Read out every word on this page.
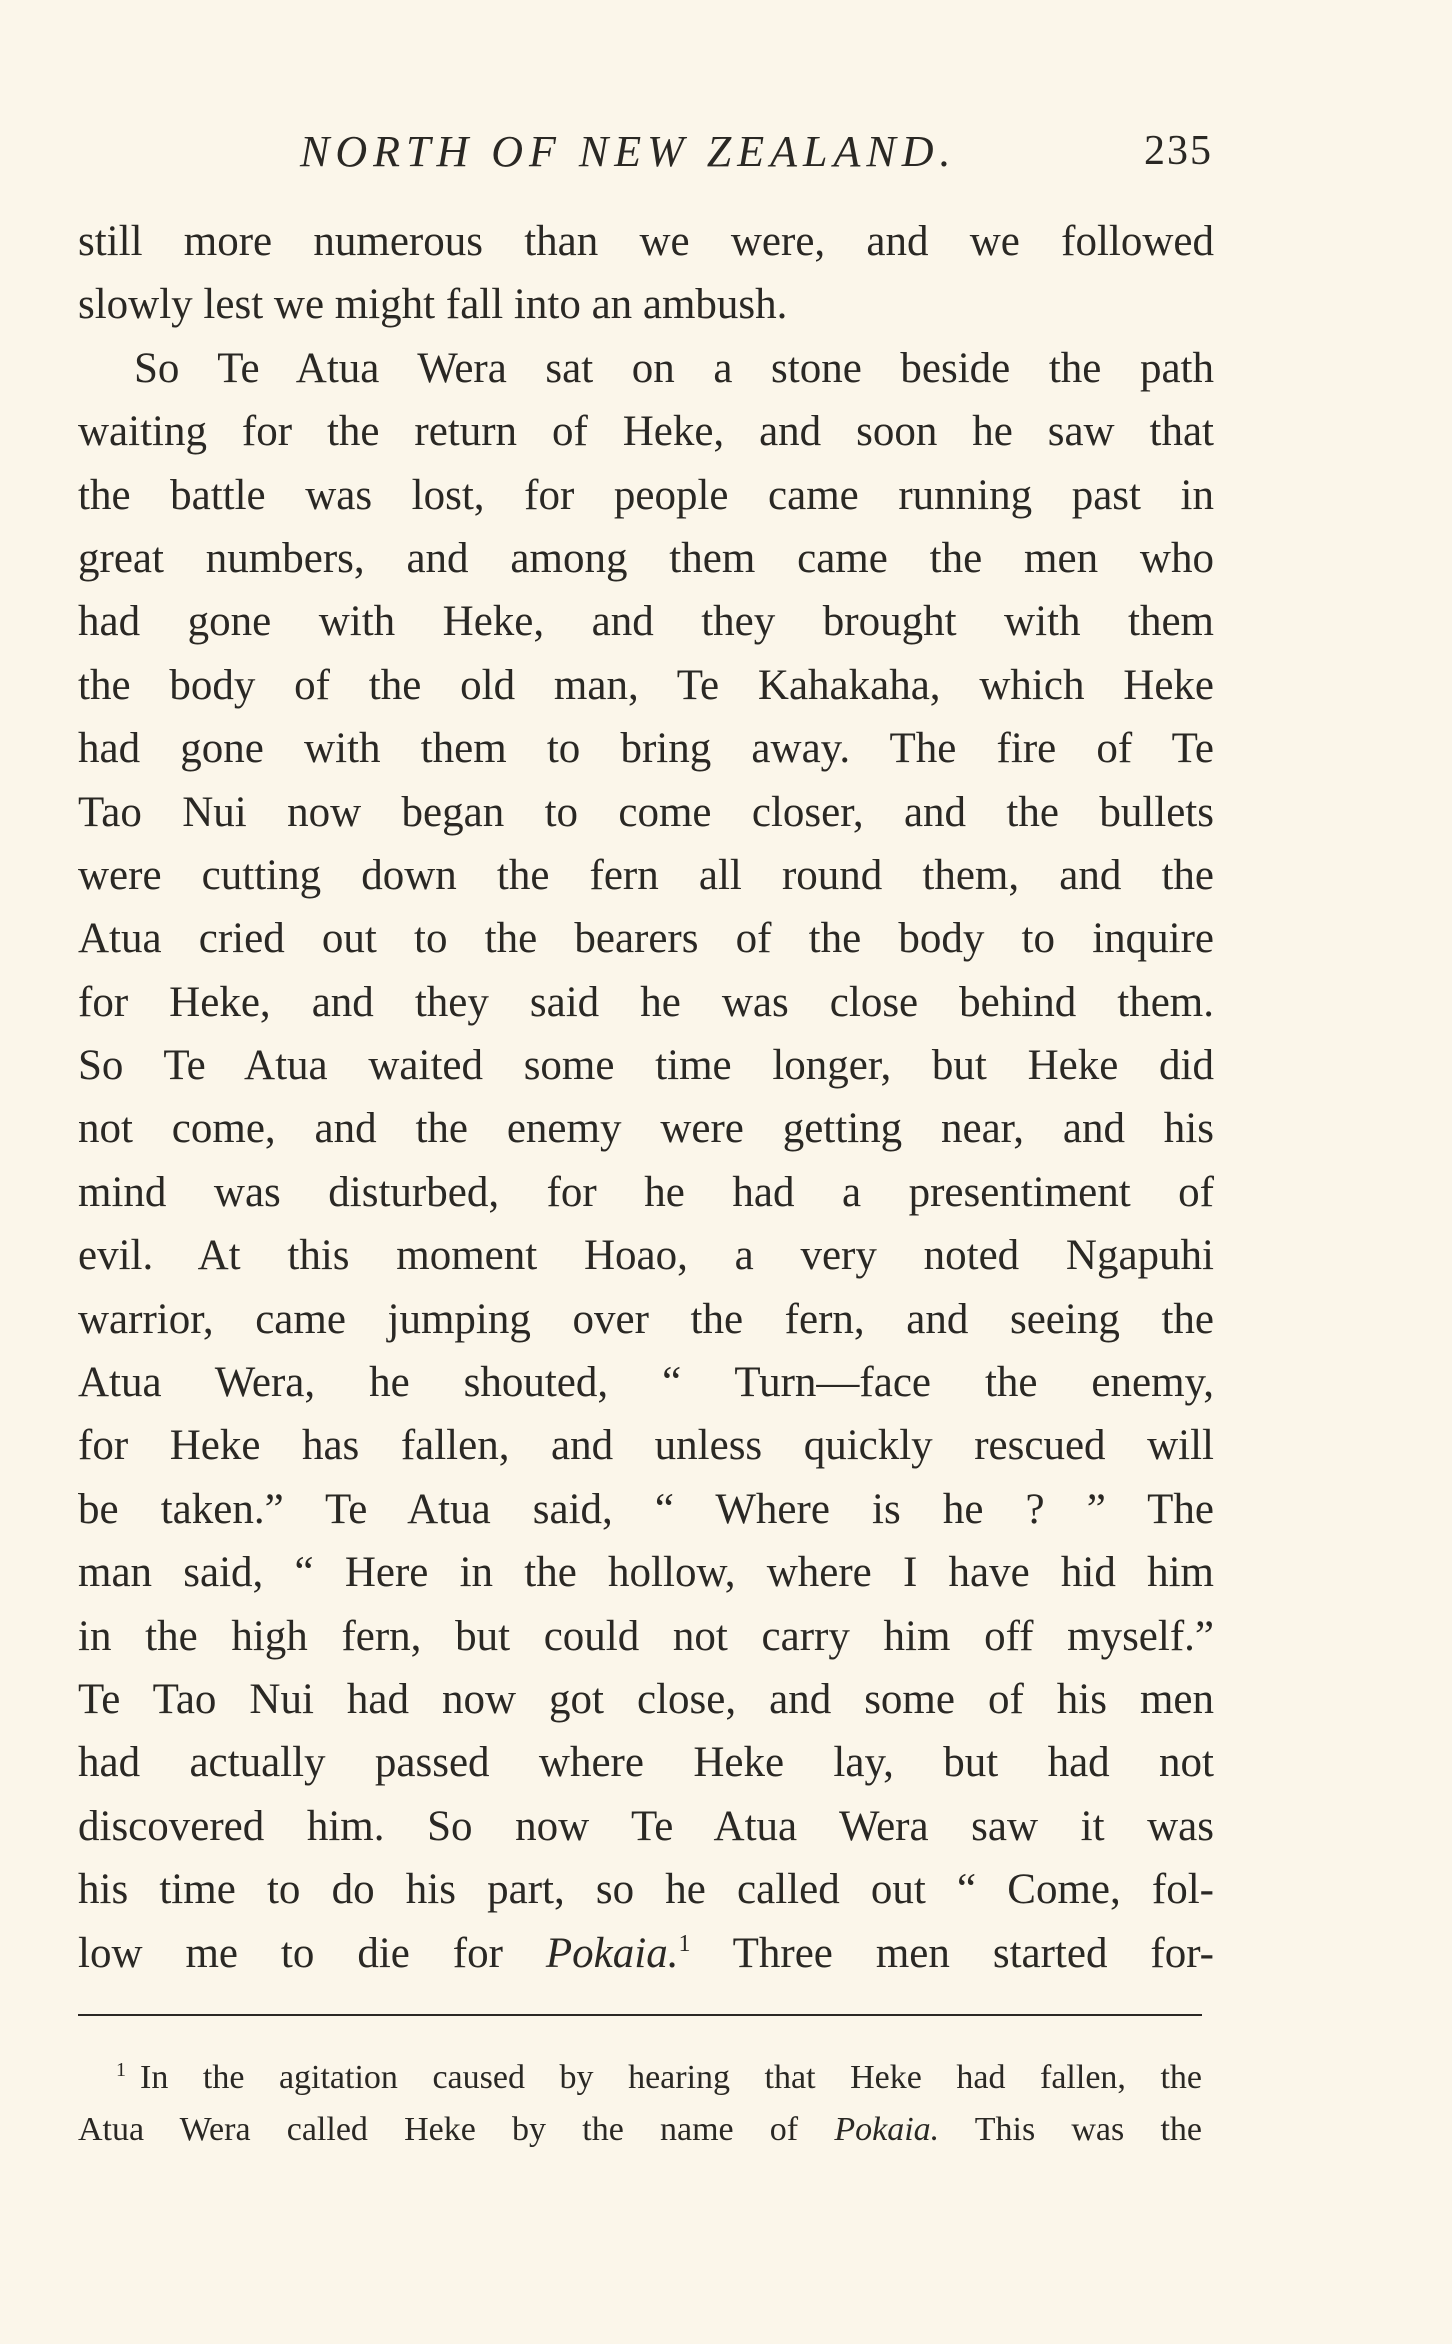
NORTH OF NEW ZEALAND.	235
still more numerous than we were, and we followed
slowly lest we might fall into an ambush.
So Te Atua Wera sat on a stone beside the path
waiting for the return of Heke, and soon he saw that
the battle was lost, for people came running past in
great numbers, and among them came the men who
had gone with Heke, and they brought with them
the body of the old man, Te Kahakaha, which Heke
had gone with them to bring away. The fire of Te
Tao Nui now began to come closer, and the bullets
were cutting down the fern all round them, and the
Atua cried out to the bearers of the body to inquire
for Heke, and they said he was close behind them.
So Te Atua waited some time longer, but Heke did
not come, and the enemy were getting near, and his
mind was disturbed, for he had a presentiment of
evil. At this moment Hoao, a very noted Ngapuhi
warrior, came jumping over the fern, and seeing the
Atua Wera, he shouted, “ Turn—face the enemy,
for Heke has fallen, and unless quickly rescued will
be taken.” Te Atua said, “ Where is he ? ” The
man said, “ Here in the hollow, where I have hid him
in the high fern, but could not carry him off myself.”
Te Tao Nui had now got close, and some of his men
had actually passed where Heke lay, but had not
discovered him. So now Te Atua Wera saw it was
his time to do his part, so he called out “ Come, fol-
low me to die for Pokaia.$^1$ Three men started for-
$^1$ In the agitation caused by hearing that Heke had fallen, the
Atua Wera called Heke by the name of Pokaia. This was the
